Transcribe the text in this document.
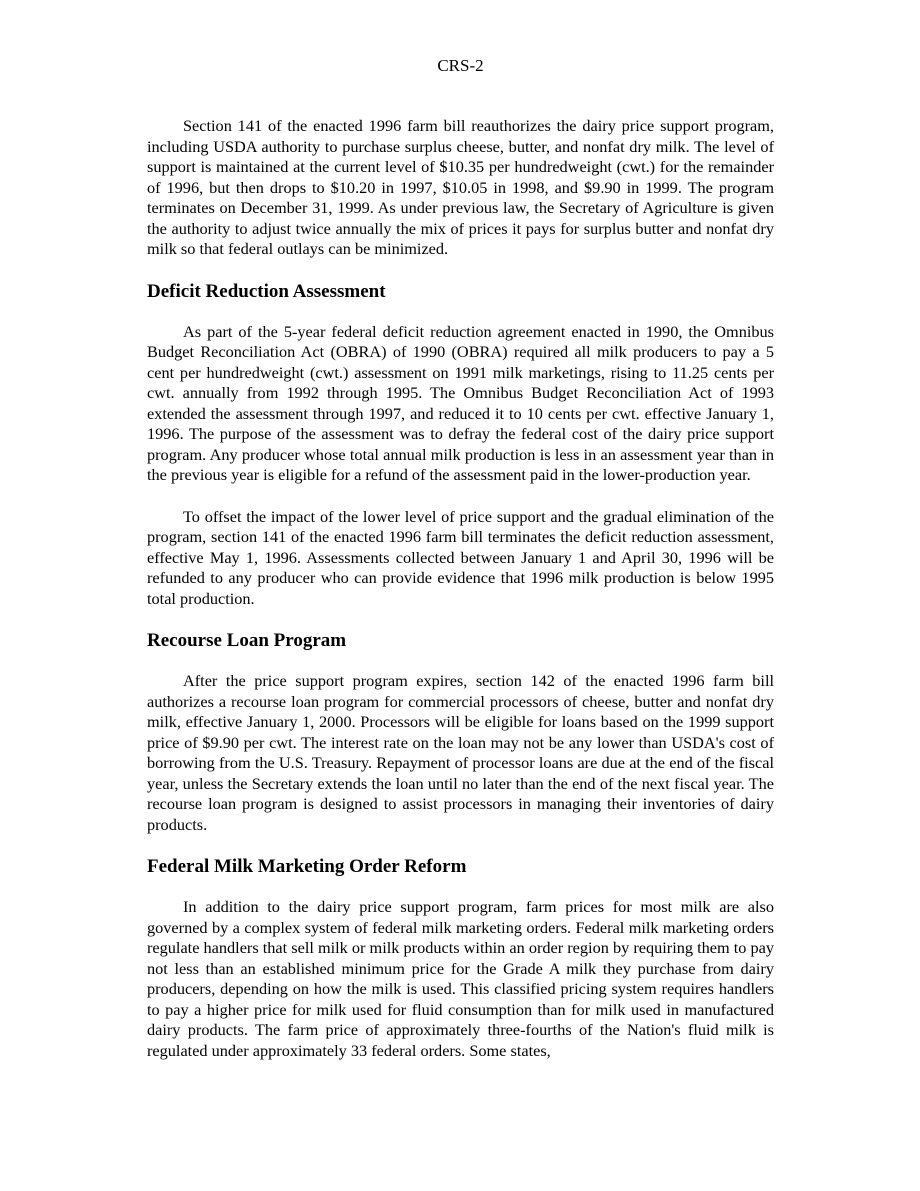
CRS-2

Section 141 of the enacted 1996 farm bill reauthorizes the dairy price support program, including USDA authority to purchase surplus cheese, butter, and nonfat dry milk. The level of support is maintained at the current level of $10.35 per hundredweight (cwt.) for the remainder of 1996, but then drops to $10.20 in 1997, $10.05 in 1998, and $9.90 in 1999. The program terminates on December 31, 1999. As under previous law, the Secretary of Agriculture is given the authority to adjust twice annually the mix of prices it pays for surplus butter and nonfat dry milk so that federal outlays can be minimized.

Deficit Reduction Assessment

As part of the 5-year federal deficit reduction agreement enacted in 1990, the Omnibus Budget Reconciliation Act (OBRA) of 1990 (OBRA) required all milk producers to pay a 5 cent per hundredweight (cwt.) assessment on 1991 milk marketings, rising to 11.25 cents per cwt. annually from 1992 through 1995. The Omnibus Budget Reconciliation Act of 1993 extended the assessment through 1997, and reduced it to 10 cents per cwt. effective January 1, 1996. The purpose of the assessment was to defray the federal cost of the dairy price support program. Any producer whose total annual milk production is less in an assessment year than in the previous year is eligible for a refund of the assessment paid in the lower-production year.

To offset the impact of the lower level of price support and the gradual elimination of the program, section 141 of the enacted 1996 farm bill terminates the deficit reduction assessment, effective May 1, 1996. Assessments collected between January 1 and April 30, 1996 will be refunded to any producer who can provide evidence that 1996 milk production is below 1995 total production.

Recourse Loan Program

After the price support program expires, section 142 of the enacted 1996 farm bill authorizes a recourse loan program for commercial processors of cheese, butter and nonfat dry milk, effective January 1, 2000. Processors will be eligible for loans based on the 1999 support price of $9.90 per cwt. The interest rate on the loan may not be any lower than USDA's cost of borrowing from the U.S. Treasury. Repayment of processor loans are due at the end of the fiscal year, unless the Secretary extends the loan until no later than the end of the next fiscal year. The recourse loan program is designed to assist processors in managing their inventories of dairy products.

Federal Milk Marketing Order Reform

In addition to the dairy price support program, farm prices for most milk are also governed by a complex system of federal milk marketing orders. Federal milk marketing orders regulate handlers that sell milk or milk products within an order region by requiring them to pay not less than an established minimum price for the Grade A milk they purchase from dairy producers, depending on how the milk is used. This classified pricing system requires handlers to pay a higher price for milk used for fluid consumption than for milk used in manufactured dairy products. The farm price of approximately three-fourths of the Nation's fluid milk is regulated under approximately 33 federal orders. Some states,
